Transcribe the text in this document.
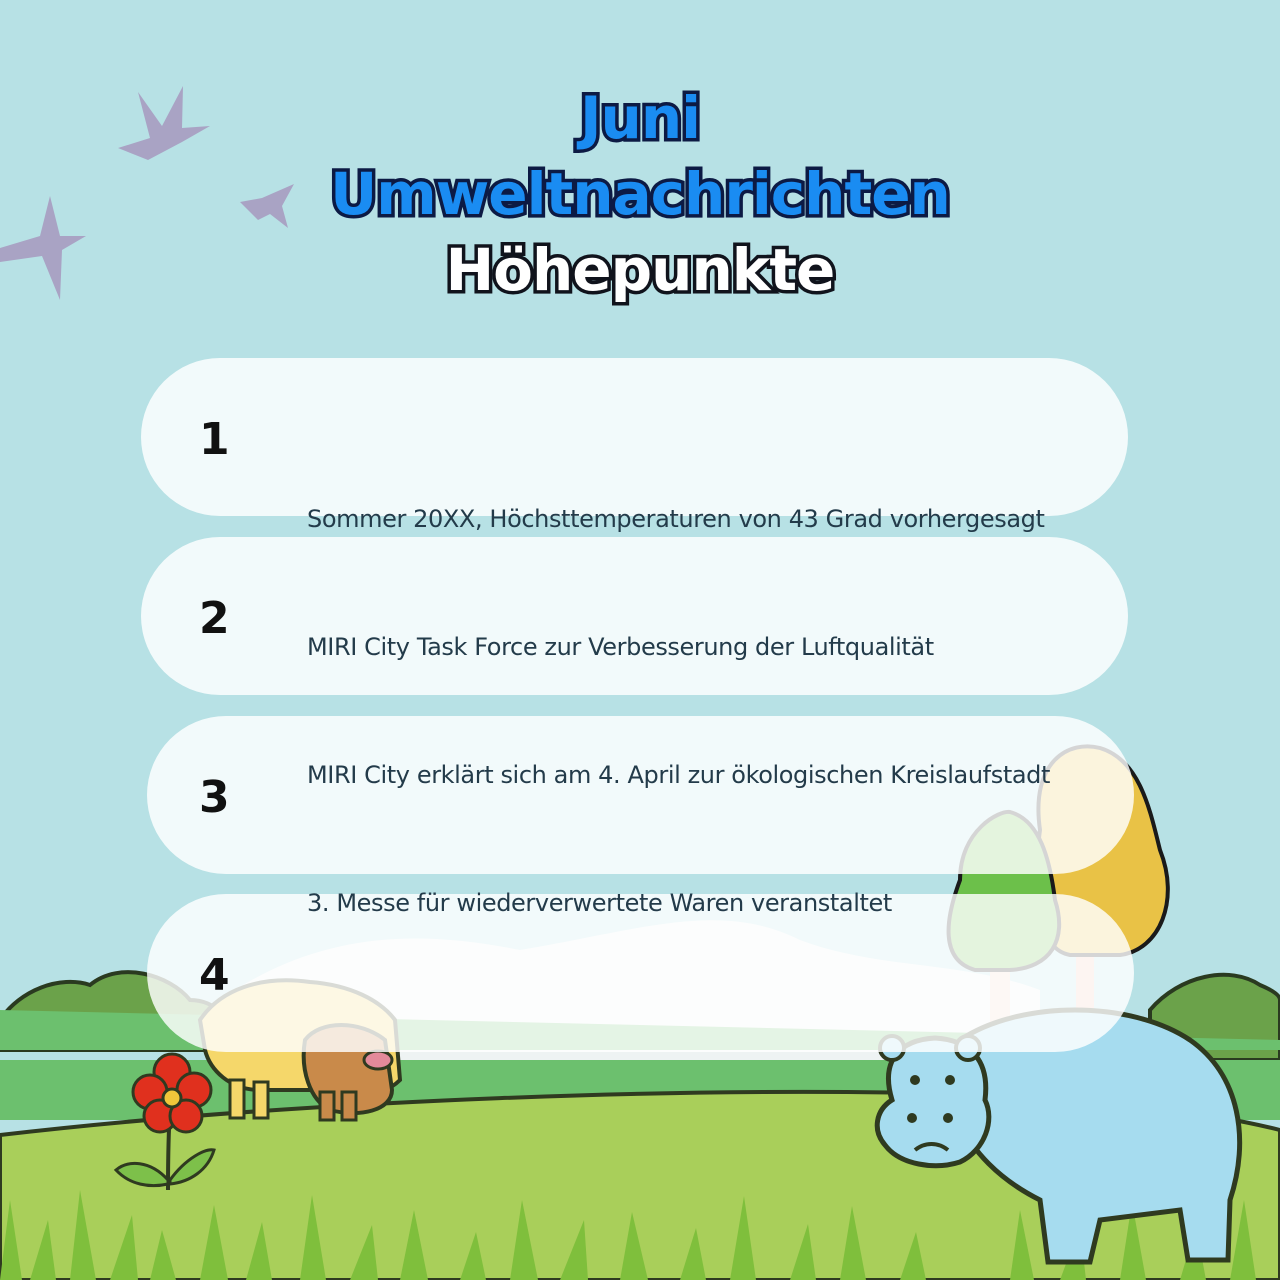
Juni
Umweltnachrichten
Höhepunkte
1
2
3
4
Sommer 20XX, Höchsttemperaturen von 43 Grad vorhergesagt
MIRI City Task Force zur Verbesserung der Luftqualität
MIRI City erklärt sich am 4. April zur ökologischen Kreislaufstadt
3. Messe für wiederverwertete Waren veranstaltet
